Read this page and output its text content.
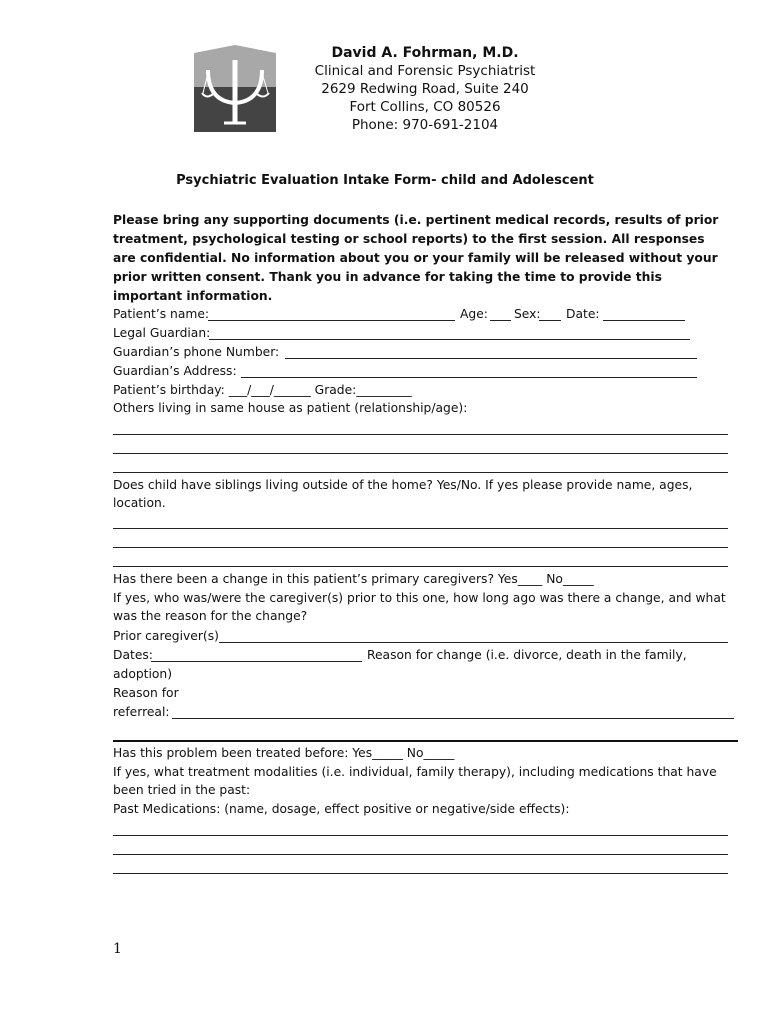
David A. Fohrman, M.D.
Clinical and Forensic Psychiatrist
2629 Redwing Road, Suite 240
Fort Collins, CO 80526
Phone: 970-691-2104
Psychiatric Evaluation Intake Form- child and Adolescent
Please bring any supporting documents (i.e. pertinent medical records, results of prior treatment, psychological testing or school reports) to the first session. All responses are confidential. No information about you or your family will be released without your prior written consent. Thank you in advance for taking the time to provide this important information.
Patient’s name:	Age: Sex: Date:
Legal Guardian:
Guardian’s phone Number:
Guardian’s Address:
Patient’s birthday: ___/___/______ Grade:_________
Others living in same house as patient (relationship/age):
Does child have siblings living outside of the home? Yes/No. If yes please provide name, ages,
location.
Has there been a change in this patient’s primary caregivers? Yes____ No_____
If yes, who was/were the caregiver(s) prior to this one, how long ago was there a change, and what
was the reason for the change?
Prior caregiver(s)
Dates:	Reason for change (i.e. divorce, death in the family,
adoption)
Reason for
referreal:
Has this problem been treated before: Yes_____ No_____
If yes, what treatment modalities (i.e. individual, family therapy), including medications that have
been tried in the past:
Past Medications: (name, dosage, effect positive or negative/side effects):
1
